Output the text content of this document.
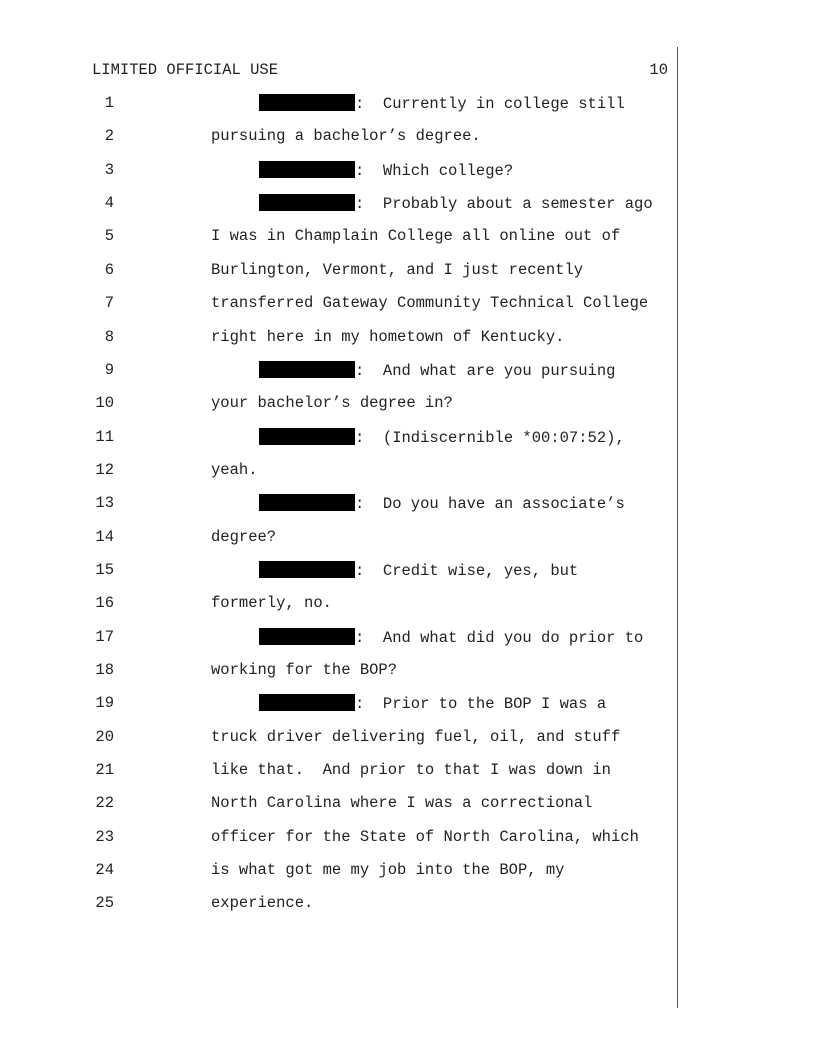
LIMITED OFFICIAL USE	10
1	:  Currently in college still
2	pursuing a bachelor’s degree.
3	:  Which college?
4	:  Probably about a semester ago
5	I was in Champlain College all online out of
6	Burlington, Vermont, and I just recently
7	transferred Gateway Community Technical College
8	right here in my hometown of Kentucky.
9	:  And what are you pursuing
10	your bachelor’s degree in?
11	:  (Indiscernible *00:07:52),
12	yeah.
13	:  Do you have an associate’s
14	degree?
15	:  Credit wise, yes, but
16	formerly, no.
17	:  And what did you do prior to
18	working for the BOP?
19	:  Prior to the BOP I was a
20	truck driver delivering fuel, oil, and stuff
21	like that.  And prior to that I was down in
22	North Carolina where I was a correctional
23	officer for the State of North Carolina, which
24	is what got me my job into the BOP, my
25	experience.
